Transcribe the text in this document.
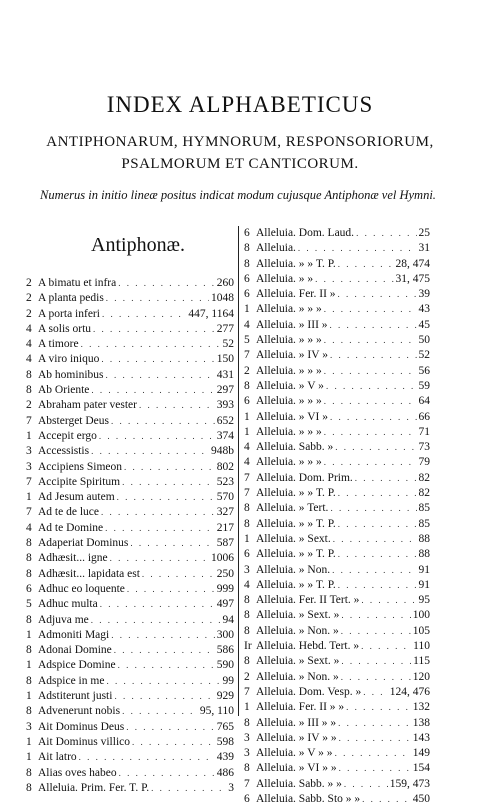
INDEX ALPHABETICUS
ANTIPHONARUM, HYMNORUM, RESPONSORIORUM,
PSALMORUM ET CANTICORUM.
Numerus in initio lineæ positus indicat modum cujusque Antiphonæ vel Hymni.
Antiphonæ.
2 A bimatu et infra . . .	260
2 A planta pedis . . .	1048
2 A porta inferi . . .	447, 1164
4 A solis ortu . . .	277
4 A timore . . .	52
4 A viro iniquo . . .	150
8 Ab hominibus . . .	431
8 Ab Oriente . . .	297
2 Abraham pater vester . . .	393
7 Absterget Deus . . .	652
1 Accepit ergo . . .	374
3 Accessistis . . .	948b
3 Accipiens Simeon . . .	802
7 Accipite Spiritum . . .	523
1 Ad Jesum autem . . .	570
7 Ad te de luce . . .	327
4 Ad te Domine . . .	217
8 Adaperiat Dominus . . .	587
8 Adhæsit... igne . . .	1006
8 Adhæsit... lapidata est . . .	250
6 Adhuc eo loquente . . .	999
5 Adhuc multa . . .	497
8 Adjuva me . . .	94
1 Admoniti Magi . . .	300
8 Adonai Domine . . .	586
1 Adspice Domine . . .	590
8 Adspice in me . . .	99
1 Adstiterunt justi . . .	929
8 Advenerunt nobis . . .	95, 110
3 Ait Dominus Deus . . .	765
1 Ait Dominus villico . . .	598
1 Ait latro . . .	439
8 Alias oves habeo . . .	486
8 Alleluia. Prim. Fer. T. P. . . .	3
6 Alleluia. Dom. Laud. . . .	25
8 Alleluia. . . .	31
8 Alleluia. » » T. P. . . .	28, 474
6 Alleluia. » » . . .	31, 475
6 Alleluia. Fer. II » . . .	39
1 Alleluia. » » » . . .	43
4 Alleluia. » III » . . .	45
5 Alleluia. » » » . . .	50
7 Alleluia. » IV » . . .	52
2 Alleluia. » » » . . .	56
8 Alleluia. » V » . . .	59
6 Alleluia. » » » . . .	64
1 Alleluia. » VI » . . .	66
1 Alleluia. » » » . . .	71
4 Alleluia. Sabb. » . . .	73
4 Alleluia. » » » . . .	79
7 Alleluia. Dom. Prim. . . .	82
7 Alleluia. » » T. P. . . .	82
8 Alleluia. » Tert. . . .	85
8 Alleluia. » » T. P. . . .	85
1 Alleluia. » Sext. . . .	88
6 Alleluia. » » T. P. . . .	88
3 Alleluia. » Non. . . .	91
4 Alleluia. » » T. P. . . .	91
8 Alleluia. Fer. II Tert. » . . .	95
8 Alleluia. » Sext. » . . .	100
8 Alleluia. » Non. » . . .	105
Ir Alleluia. Hebd. Tert. » . . .	110
8 Alleluia. » Sext. » . . .	115
2 Alleluia. » Non. » . . .	120
7 Alleluia. Dom. Vesp. » . . . 124, 476
1 Alleluia. Fer. II » » . . .	132
8 Alleluia. » III » » . . .	138
3 Alleluia. » IV » » . . .	143
3 Alleluia. » V » » . . .	149
8 Alleluia. » VI » » . . .	154
7 Alleluia. Sabb. » » . . .	159, 473
6 Alleluia. Sabb. Sto » » . . .	450
